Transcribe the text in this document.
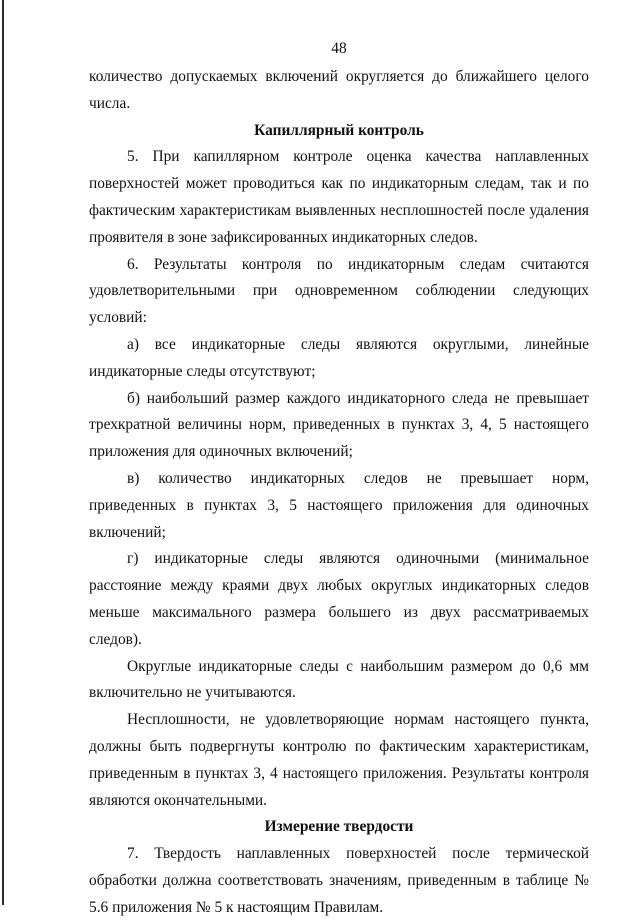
48

количество допускаемых включений округляется до ближайшего целого числа.

Капиллярный контроль

5. При капиллярном контроле оценка качества наплавленных поверхностей может проводиться как по индикаторным следам, так и по фактическим характеристикам выявленных несплошностей после удаления проявителя в зоне зафиксированных индикаторных следов.

6. Результаты контроля по индикаторным следам считаются удовлетворительными при одновременном соблюдении следующих условий:

а) все индикаторные следы являются округлыми, линейные индикаторные следы отсутствуют;

б) наибольший размер каждого индикаторного следа не превышает трехкратной величины норм, приведенных в пунктах 3, 4, 5 настоящего приложения для одиночных включений;

в) количество индикаторных следов не превышает норм, приведенных в пунктах 3, 5 настоящего приложения для одиночных включений;

г) индикаторные следы являются одиночными (минимальное расстояние между краями двух любых округлых индикаторных следов меньше максимального размера большего из двух рассматриваемых следов).

Округлые индикаторные следы с наибольшим размером до 0,6 мм включительно не учитываются.

Несплошности, не удовлетворяющие нормам настоящего пункта, должны быть подвергнуты контролю по фактическим характеристикам, приведенным в пунктах 3, 4 настоящего приложения. Результаты контроля являются окончательными.

Измерение твердости

7. Твердость наплавленных поверхностей после термической обработки должна соответствовать значениям, приведенным в таблице № 5.6 приложения № 5 к настоящим Правилам.
